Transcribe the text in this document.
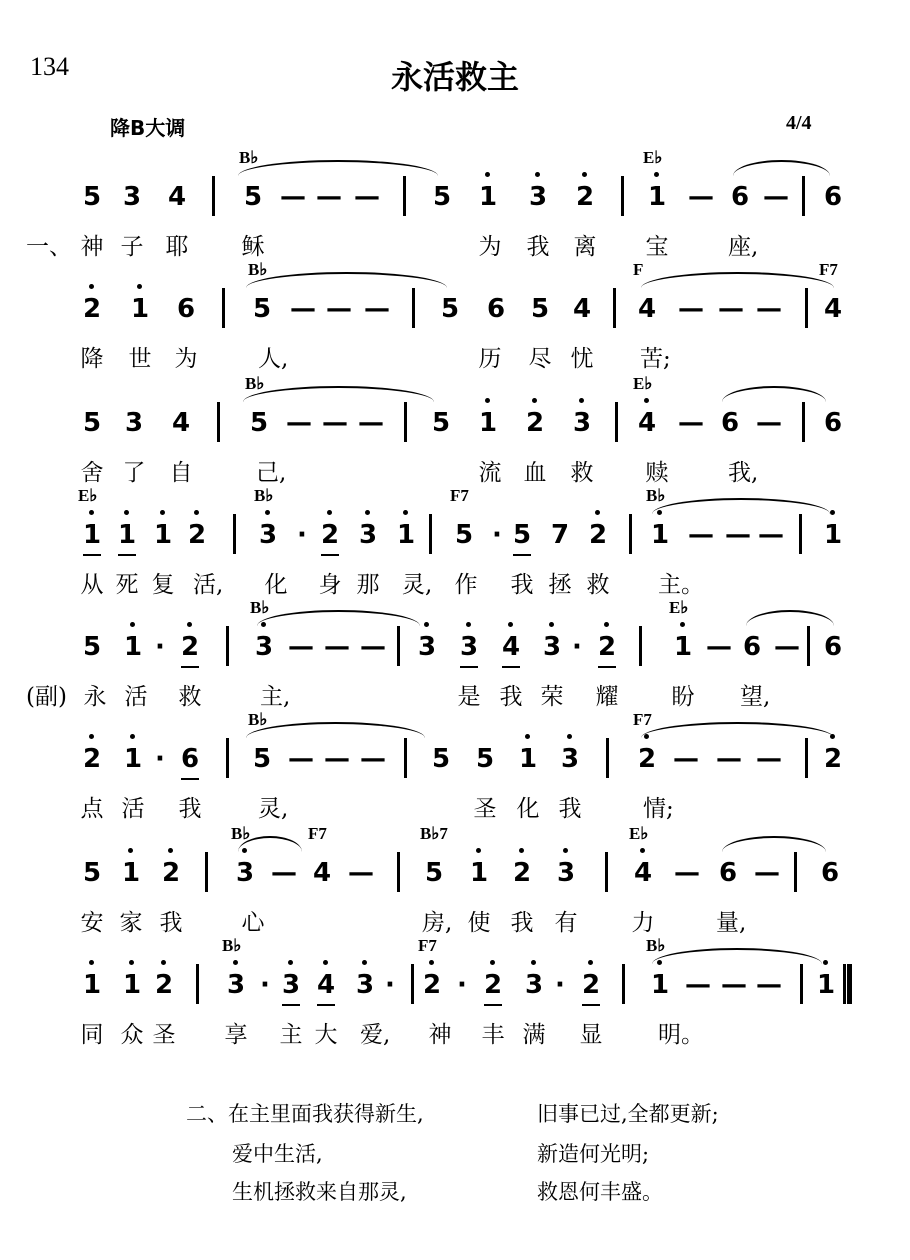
134	永活救主
降B大调	4/4
5 3 4 5
B♭
— — — 5 1 3 2 1
E♭
— 6 — 6
一、 神 子 耶 稣	为 我 离 宝	座,
2 1 6 5
B♭
— — — 5 6 5 4 4
F
— — — 4
F7
降 世 为	人,	历 尽 忧 苦;
5 3 4 5
B♭
— — — 5 1 2 3 4
E♭
— 6 — 6
舍 了 自	己,	流 血 救 赎	我,
1
E♭
1 1 2 3
B♭
· 2 3 1 5
F7
· 5 7 2 1
B♭
— — — 1
从 死 复 活, 化 身 那 灵, 作 我 拯 救 主。
5 1 · 2 3
B♭
— — — 3 3 4 3 · 2 1
E♭
— 6 — 6
(副) 永 活 救	主,	是 我 荣 耀 盼 望,
2 1 · 6 5
B♭
— — — 5 5 1 3 2
F7
— — — 2
点 活 我 灵,	圣 化 我	情;
5 1 2 3
B♭
— 4
F7
— 5
B♭7
1 2 3 4
E♭
— 6 — 6
安 家 我	心	房, 使 我 有 力	量,
1 1 2 3
B♭
· 3 4 3 · 2
F7
· 2 3 · 2 1
B♭
— — — 1
同 众 圣 享 主 大 爱, 神 丰 满 显 明。
二、在主里面我获得新生,	旧事已过,全都更新;
爱中生活,	新造何光明;
生机拯救来自那灵,	救恩何丰盛。
